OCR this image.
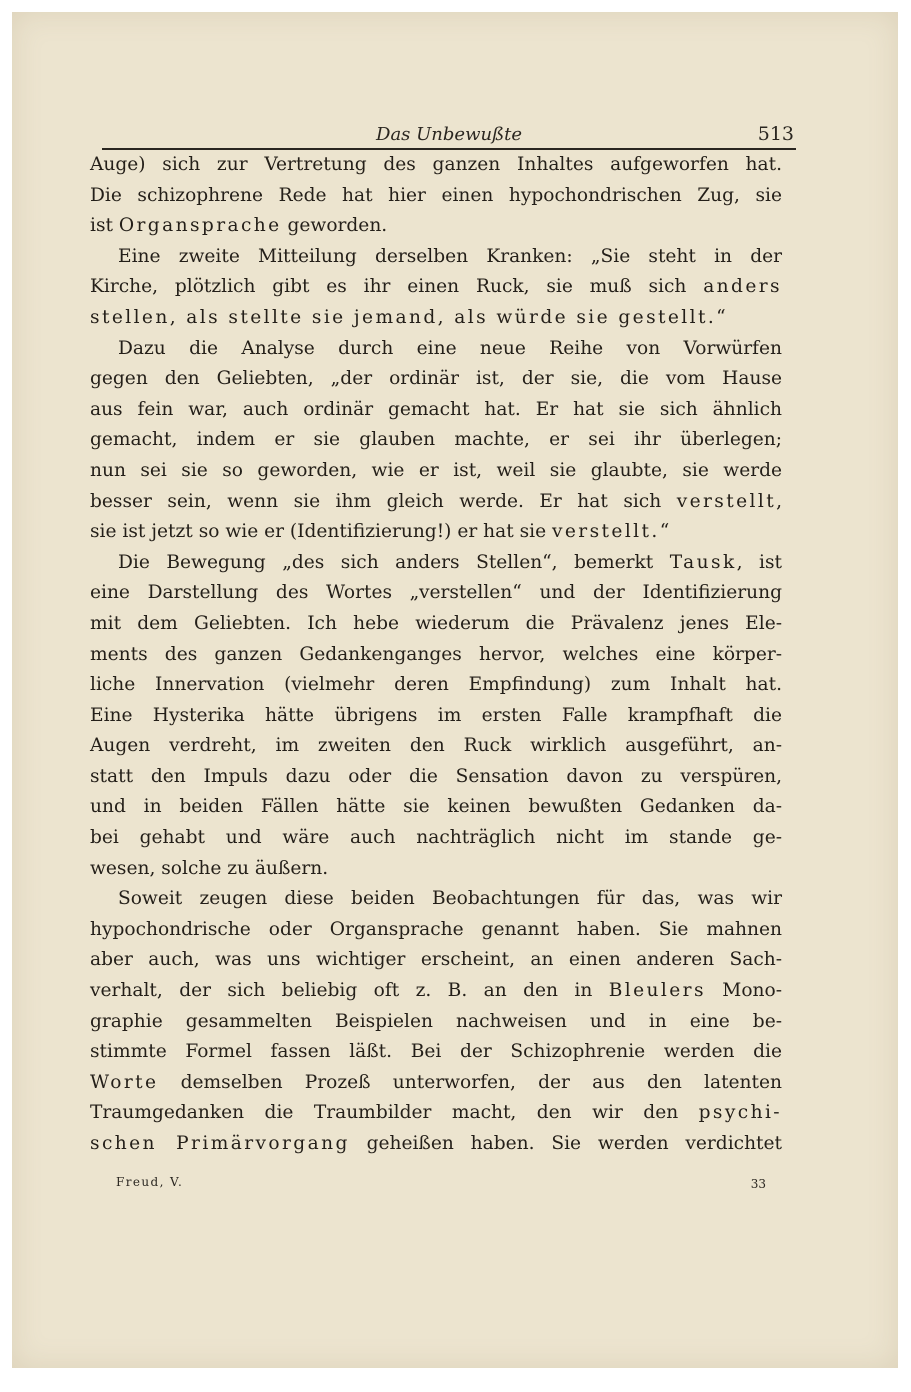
Das Unbewußte	513
Auge) sich zur Vertretung des ganzen Inhaltes aufgeworfen hat.
Die schizophrene Rede hat hier einen hypochondrischen Zug, sie
ist Organsprache geworden.
Eine zweite Mitteilung derselben Kranken: „Sie steht in der
Kirche, plötzlich gibt es ihr einen Ruck, sie muß sich anders
stellen, als stellte sie jemand, als würde sie gestellt.“
Dazu die Analyse durch eine neue Reihe von Vorwürfen
gegen den Geliebten, „der ordinär ist, der sie, die vom Hause
aus fein war, auch ordinär gemacht hat. Er hat sie sich ähnlich
gemacht, indem er sie glauben machte, er sei ihr überlegen;
nun sei sie so geworden, wie er ist, weil sie glaubte, sie werde
besser sein, wenn sie ihm gleich werde. Er hat sich verstellt,
sie ist jetzt so wie er (Identifizierung!) er hat sie verstellt.“
Die Bewegung „des sich anders Stellen“, bemerkt Tausk, ist
eine Darstellung des Wortes „verstellen“ und der Identifizierung
mit dem Geliebten. Ich hebe wiederum die Prävalenz jenes Ele-
ments des ganzen Gedankenganges hervor, welches eine körper-
liche Innervation (vielmehr deren Empfindung) zum Inhalt hat.
Eine Hysterika hätte übrigens im ersten Falle krampfhaft die
Augen verdreht, im zweiten den Ruck wirklich ausgeführt, an-
statt den Impuls dazu oder die Sensation davon zu verspüren,
und in beiden Fällen hätte sie keinen bewußten Gedanken da-
bei gehabt und wäre auch nachträglich nicht im stande ge-
wesen, solche zu äußern.
Soweit zeugen diese beiden Beobachtungen für das, was wir
hypochondrische oder Organsprache genannt haben. Sie mahnen
aber auch, was uns wichtiger erscheint, an einen anderen Sach-
verhalt, der sich beliebig oft z. B. an den in Bleulers Mono-
graphie gesammelten Beispielen nachweisen und in eine be-
stimmte Formel fassen läßt. Bei der Schizophrenie werden die
Worte demselben Prozeß unterworfen, der aus den latenten
Traumgedanken die Traumbilder macht, den wir den psychi-
schen Primärvorgang geheißen haben. Sie werden verdichtet
Freud, V.	33
